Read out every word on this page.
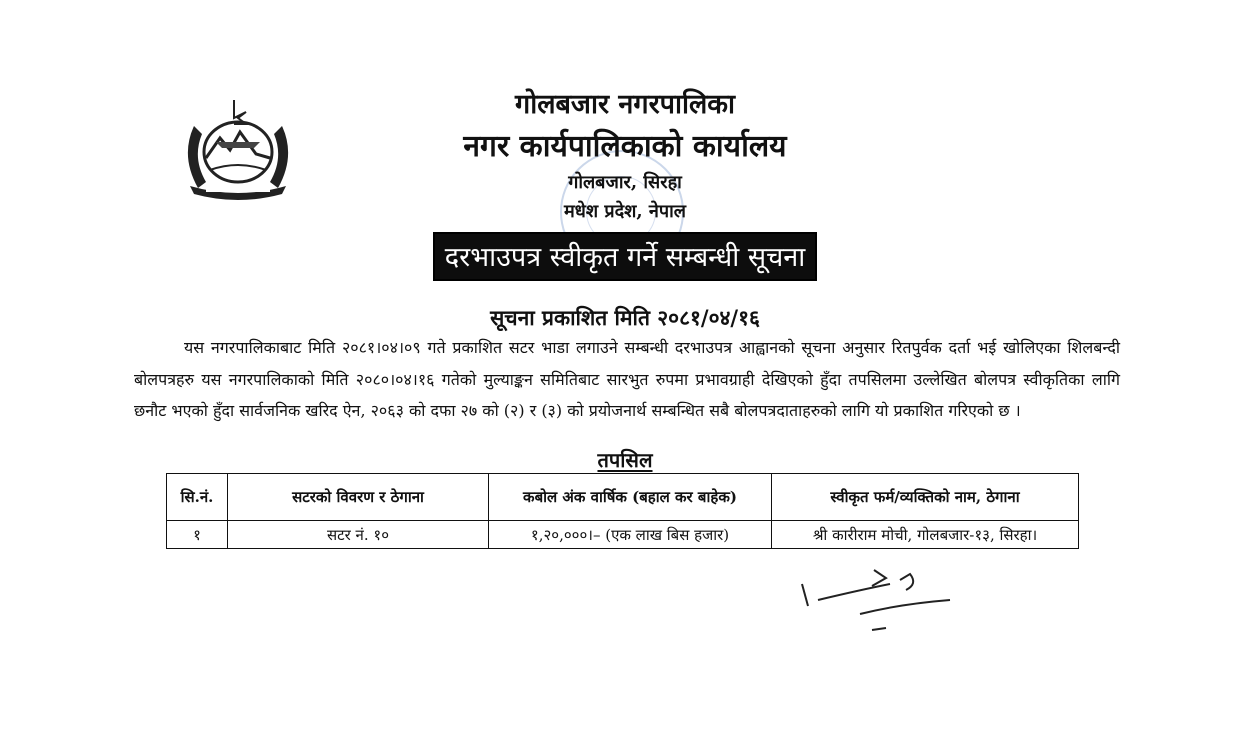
गोलबजार नगरपालिका
नगर कार्यपालिकाको कार्यालय
गोलबजार, सिरहा
मधेश प्रदेश, नेपाल
दरभाउपत्र स्वीकृत गर्ने सम्बन्धी सूचना
सूचना प्रकाशित मिति २०८१/०४/१६

यस नगरपालिकाबाट मिति २०८१।०४।०९ गते प्रकाशित सटर भाडा लगाउने सम्बन्धी दरभाउपत्र आह्वानको सूचना अनुसार रितपुर्वक दर्ता भई खोलिएका शिलबन्दी बोलपत्रहरु यस नगरपालिकाको मिति २०८०।०४।१६ गतेको मुल्याङ्कन समितिबाट सारभुत रुपमा प्रभावग्राही देखिएको हुँदा तपसिलमा उल्लेखित बोलपत्र स्वीकृतिका लागि छनौट भएको हुँदा सार्वजनिक खरिद ऐन, २०६३ को दफा २७ को (२) र (३) को प्रयोजनार्थ सम्बन्धित सबै बोलपत्रदाताहरुको लागि यो प्रकाशित गरिएको छ ।

तपसिल
सि.नं.	सटरको विवरण र ठेगाना	कबोल अंक वार्षिक (बहाल कर बाहेक)	स्वीकृत फर्म/व्यक्तिको नाम, ठेगाना
१	सटर नं. १०	१,२०,०००।– (एक लाख बिस हजार)	श्री कारीराम मोची, गोलबजार-१३, सिरहा।
